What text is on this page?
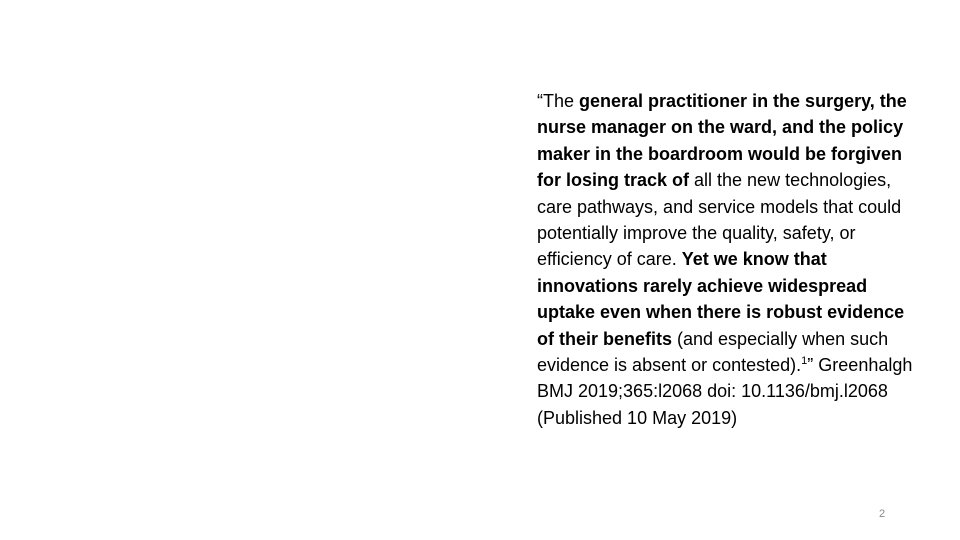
“The general practitioner in the surgery, the nurse manager on the ward, and the policy maker in the boardroom would be forgiven for losing track of all the new technologies, care pathways, and service models that could potentially improve the quality, safety, or efficiency of care. Yet we know that innovations rarely achieve widespread uptake even when there is robust evidence of their benefits (and especially when such evidence is absent or contested).$^1$” Greenhalgh BMJ 2019;365:l2068 doi: 10.1136/bmj.l2068 (Published 10 May 2019)

2
